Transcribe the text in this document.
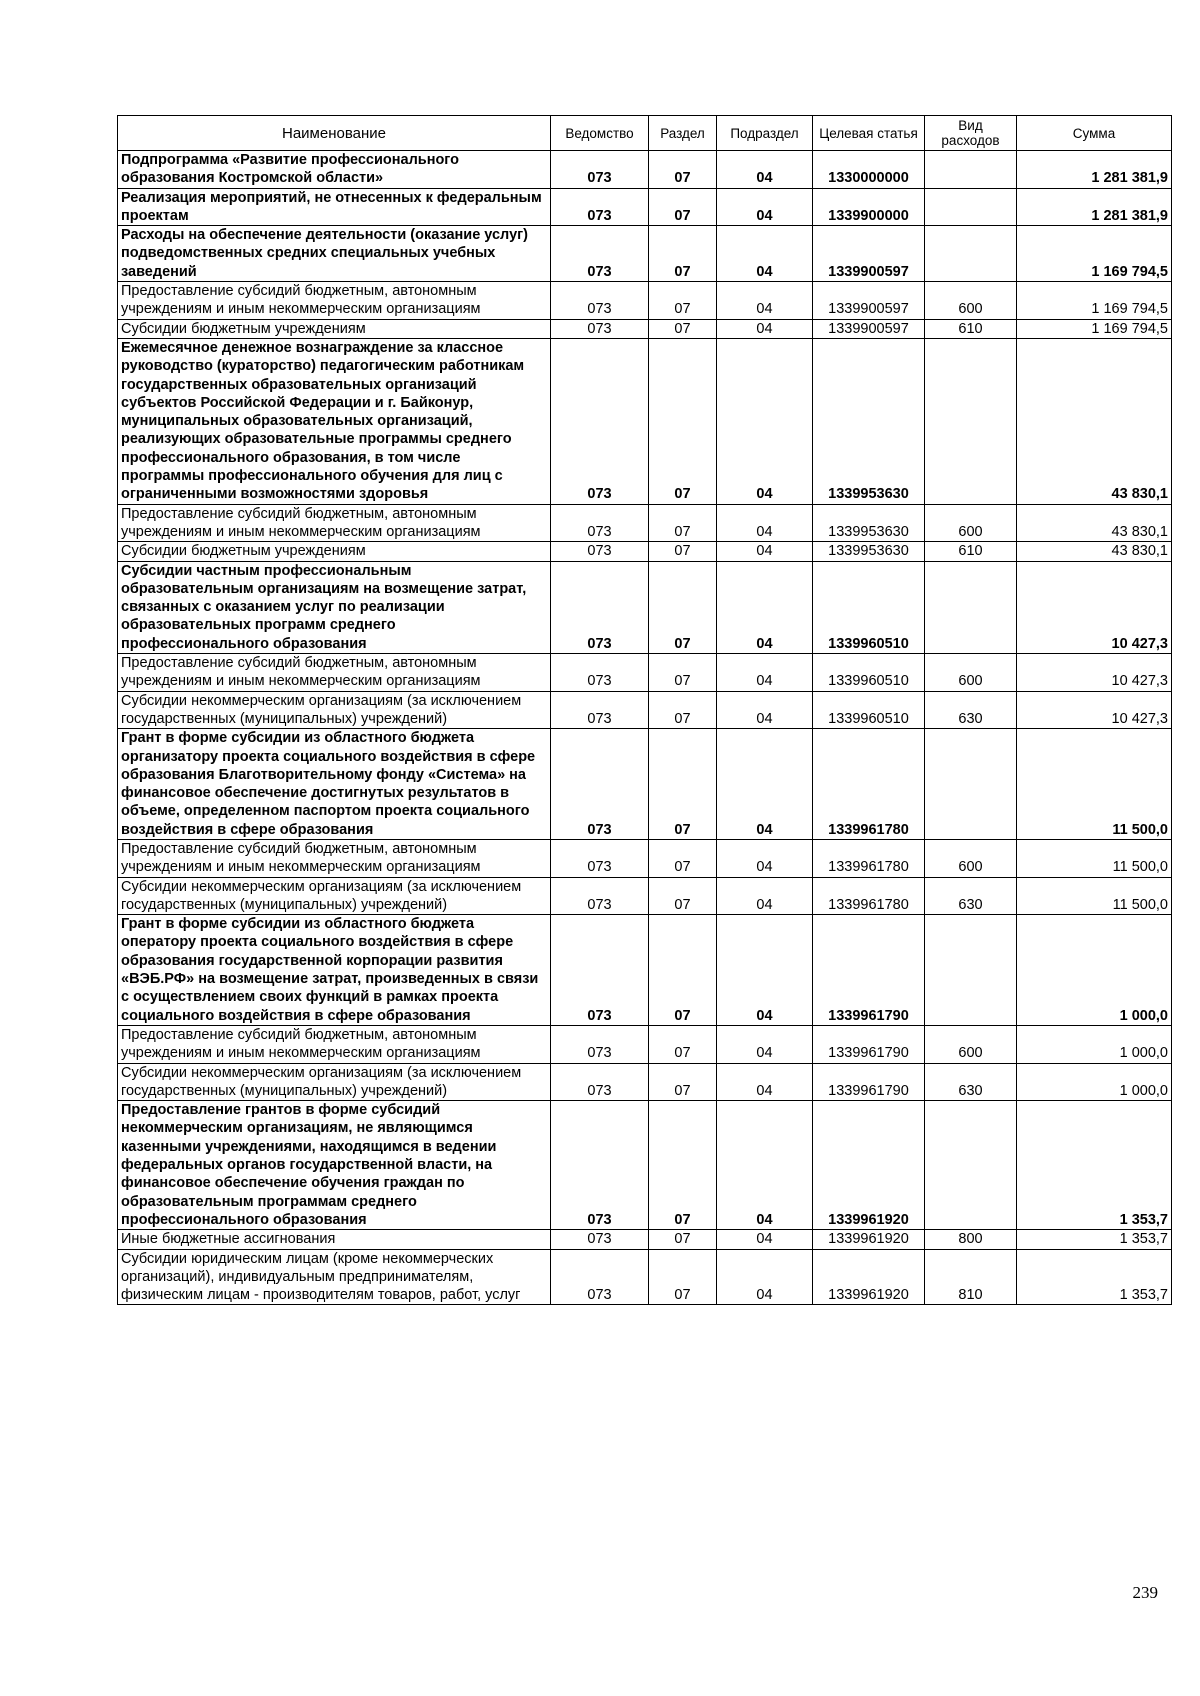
Наименование	Ведомство	Раздел	Подраздел	Целевая статья	Вид расходов	Сумма
Подпрограмма «Развитие профессионального образования Костромской области»	073	07	04	1330000000		1 281 381,9
Реализация мероприятий, не отнесенных к федеральным проектам	073	07	04	1339900000		1 281 381,9
Расходы на обеспечение деятельности (оказание услуг) подведомственных средних специальных учебных заведений	073	07	04	1339900597		1 169 794,5
Предоставление субсидий бюджетным, автономным учреждениям и иным некоммерческим организациям	073	07	04	1339900597	600	1 169 794,5
Субсидии бюджетным учреждениям	073	07	04	1339900597	610	1 169 794,5
Ежемесячное денежное вознаграждение за классное руководство (кураторство) педагогическим работникам государственных образовательных организаций субъектов Российской Федерации и г. Байконур, муниципальных образовательных организаций, реализующих образовательные программы среднего профессионального образования, в том числе программы профессионального обучения для лиц с ограниченными возможностями здоровья	073	07	04	1339953630		43 830,1
Предоставление субсидий бюджетным, автономным учреждениям и иным некоммерческим организациям	073	07	04	1339953630	600	43 830,1
Субсидии бюджетным учреждениям	073	07	04	1339953630	610	43 830,1
Субсидии частным профессиональным образовательным организациям на возмещение затрат, связанных с оказанием услуг по реализации образовательных программ среднего профессионального образования	073	07	04	1339960510		10 427,3
Предоставление субсидий бюджетным, автономным учреждениям и иным некоммерческим организациям	073	07	04	1339960510	600	10 427,3
Субсидии некоммерческим организациям (за исключением государственных (муниципальных) учреждений)	073	07	04	1339960510	630	10 427,3
Грант в форме субсидии из областного бюджета организатору проекта социального воздействия в сфере образования Благотворительному фонду «Система» на финансовое обеспечение достигнутых результатов в объеме, определенном паспортом проекта социального воздействия в сфере образования	073	07	04	1339961780		11 500,0
Предоставление субсидий бюджетным, автономным учреждениям и иным некоммерческим организациям	073	07	04	1339961780	600	11 500,0
Субсидии некоммерческим организациям (за исключением государственных (муниципальных) учреждений)	073	07	04	1339961780	630	11 500,0
Грант в форме субсидии из областного бюджета оператору проекта социального воздействия в сфере образования государственной корпорации развития «ВЭБ.РФ» на возмещение затрат, произведенных в связи с осуществлением своих функций в рамках проекта социального воздействия в сфере образования	073	07	04	1339961790		1 000,0
Предоставление субсидий бюджетным, автономным учреждениям и иным некоммерческим организациям	073	07	04	1339961790	600	1 000,0
Субсидии некоммерческим организациям (за исключением государственных (муниципальных) учреждений)	073	07	04	1339961790	630	1 000,0
Предоставление грантов в форме субсидий некоммерческим организациям, не являющимся казенными учреждениями, находящимся в ведении федеральных органов государственной власти, на финансовое обеспечение обучения граждан по образовательным программам среднего профессионального образования	073	07	04	1339961920		1 353,7
Иные бюджетные ассигнования	073	07	04	1339961920	800	1 353,7
Субсидии юридическим лицам (кроме некоммерческих организаций), индивидуальным предпринимателям, физическим лицам - производителям товаров, работ, услуг	073	07	04	1339961920	810	1 353,7
239
